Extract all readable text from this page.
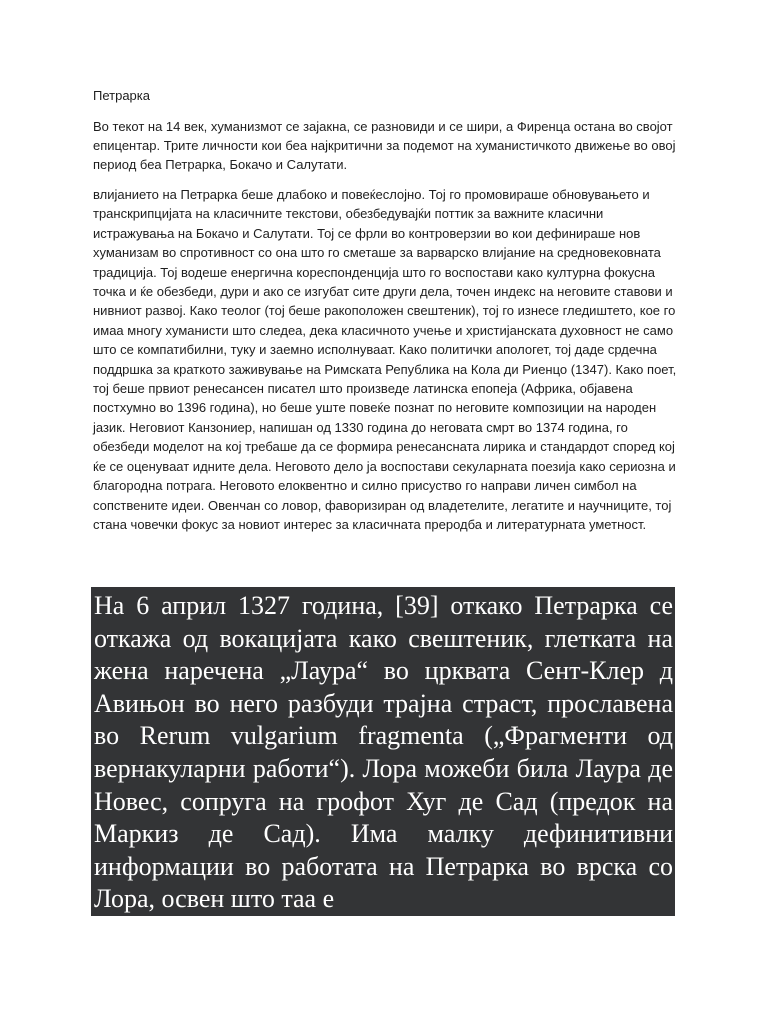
Петрарка

Во текот на 14 век, хуманизмот се зајакна, се разновиди и се шири, а Фиренца остана во својот епицентар. Трите личности кои беа најкритични за подемот на хуманистичкото движење во овој период беа Петрарка, Бокачо и Салутати.

влијанието на Петрарка беше длабоко и повеќеслојно. Тој го промовираше обновувањето и транскрипцијата на класичните текстови, обезбедувајќи поттик за важните класични истражувања на Бокачо и Салутати. Тој се фрли во контроверзии во кои дефинираше нов хуманизам во спротивност со она што го сметаше за варварско влијание на средновековната традиција. Тој водеше енергична кореспонденција што го воспостави како културна фокусна точка и ќе обезбеди, дури и ако се изгубат сите други дела, точен индекс на неговите ставови и нивниот развој. Како теолог (тој беше ракоположен свештеник), тој го изнесе гледиштето, кое го имаа многу хуманисти што следеа, дека класичното учење и христијанската духовност не само што се компатибилни, туку и заемно исполнуваат. Како политички апологет, тој даде срдечна поддршка за краткото заживување на Римската Република на Кола ди Риенцо (1347). Како поет, тој беше првиот ренесансен писател што произведе латинска епопеја (Африка, објавена постхумно во 1396 година), но беше уште повеќе познат по неговите композиции на народен јазик. Неговиот Канзониер, напишан од 1330 година до неговата смрт во 1374 година, го обезбеди моделот на кој требаше да се формира ренесансната лирика и стандардот според кој ќе се оценуваат идните дела. Неговото дело ја воспостави секуларната поезија како сериозна и благородна потрага. Неговото елоквентно и силно присуство го направи личен симбол на сопствените идеи. Овенчан со ловор, фаворизиран од владетелите, легатите и научниците, тој стана човечки фокус за новиот интерес за класичната преродба и литературната уметност.

На 6 април 1327 година, [39] откако Петрарка се откажа од вокацијата како свештеник, глетката на жена наречена „Лаура“ во црквата Сент-Клер д Авињон во него разбуди трајна страст, прославена во Rerum vulgarium fragmenta („Фрагменти од вернакуларни работи“). Лора можеби била Лаура де Новес, сопруга на грофот Хуг де Сад (предок на Маркиз де Сад). Има малку дефинитивни информации во работата на Петрарка во врска со Лора, освен што таа е
